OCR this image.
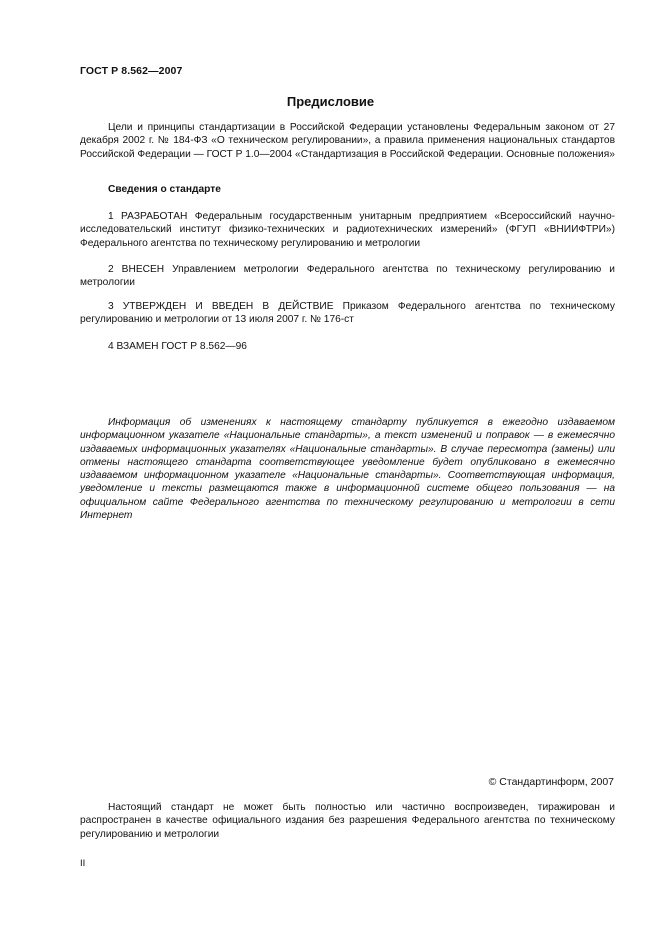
ГОСТ Р 8.562—2007
Предисловие

Цели и принципы стандартизации в Российской Федерации установлены Федеральным законом от 27 декабря 2002 г. № 184-ФЗ «О техническом регулировании», а правила применения национальных стандартов Российской Федерации — ГОСТ Р 1.0—2004 «Стандартизация в Российской Федерации. Основные положения»

Сведения о стандарте

1 РАЗРАБОТАН Федеральным государственным унитарным предприятием «Всероссийский научно-исследовательский институт физико-технических и радиотехнических измерений» (ФГУП «ВНИИФТРИ») Федерального агентства по техническому регулированию и метрологии

2 ВНЕСЕН Управлением метрологии Федерального агентства по техническому регулированию и метрологии

3 УТВЕРЖДЕН И ВВЕДЕН В ДЕЙСТВИЕ Приказом Федерального агентства по техническому регулированию и метрологии от 13 июля 2007 г. № 176-ст

4 ВЗАМЕН ГОСТ Р 8.562—96

Информация об изменениях к настоящему стандарту публикуется в ежегодно издаваемом информационном указателе «Национальные стандарты», а текст изменений и поправок — в ежемесячно издаваемых информационных указателях «Национальные стандарты». В случае пересмотра (замены) или отмены настоящего стандарта соответствующее уведомление будет опубликовано в ежемесячно издаваемом информационном указателе «Национальные стандарты». Соответствующая информация, уведомление и тексты размещаются также в информационной системе общего пользования — на официальном сайте Федерального агентства по техническому регулированию и метрологии в сети Интернет

© Стандартинформ, 2007

Настоящий стандарт не может быть полностью или частично воспроизведен, тиражирован и распространен в качестве официального издания без разрешения Федерального агентства по техническому регулированию и метрологии

II
